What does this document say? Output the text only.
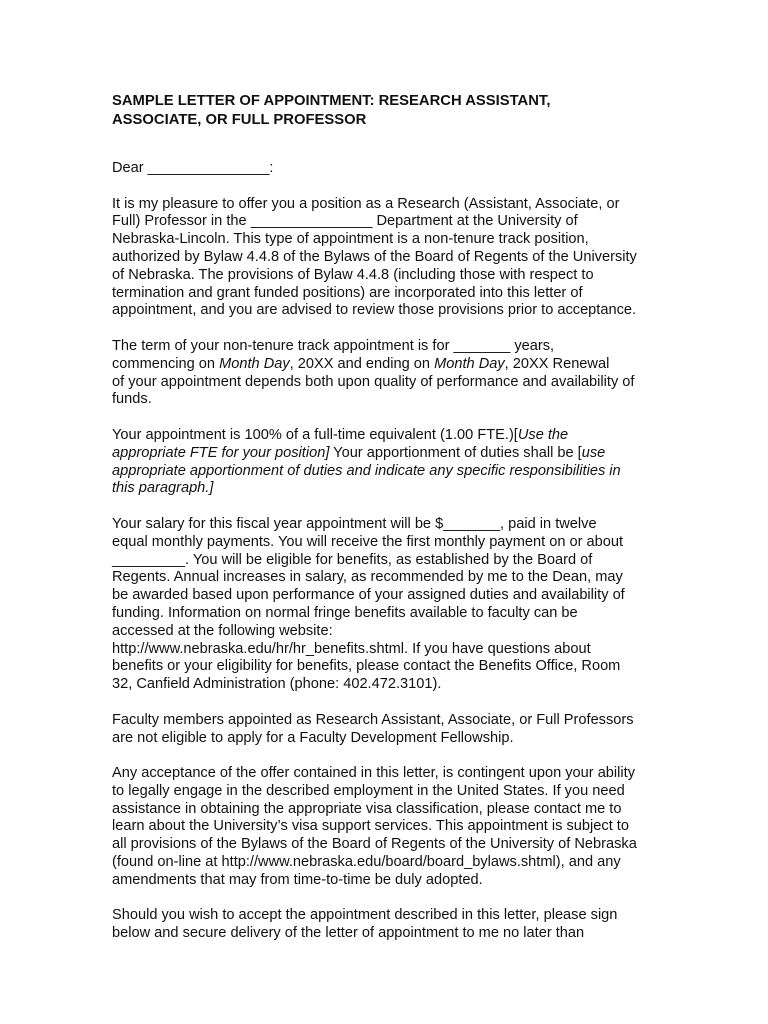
SAMPLE LETTER OF APPOINTMENT: RESEARCH ASSISTANT,
ASSOCIATE, OR FULL PROFESSOR

Dear _______________:

It is my pleasure to offer you a position as a Research (Assistant, Associate, or
Full) Professor in the _______________ Department at the University of
Nebraska-Lincoln. This type of appointment is a non-tenure track position,
authorized by Bylaw 4.4.8 of the Bylaws of the Board of Regents of the University
of Nebraska. The provisions of Bylaw 4.4.8 (including those with respect to
termination and grant funded positions) are incorporated into this letter of
appointment, and you are advised to review those provisions prior to acceptance.

The term of your non-tenure track appointment is for _______ years,
commencing on Month Day, 20XX and ending on Month Day, 20XX Renewal
of your appointment depends both upon quality of performance and availability of
funds.

Your appointment is 100% of a full-time equivalent (1.00 FTE.)[Use the
appropriate FTE for your position] Your apportionment of duties shall be [use
appropriate apportionment of duties and indicate any specific responsibilities in
this paragraph.]

Your salary for this fiscal year appointment will be $_______, paid in twelve
equal monthly payments. You will receive the first monthly payment on or about
_________. You will be eligible for benefits, as established by the Board of
Regents. Annual increases in salary, as recommended by me to the Dean, may
be awarded based upon performance of your assigned duties and availability of
funding. Information on normal fringe benefits available to faculty can be
accessed at the following website:
http://www.nebraska.edu/hr/hr_benefits.shtml. If you have questions about
benefits or your eligibility for benefits, please contact the Benefits Office, Room
32, Canfield Administration (phone: 402.472.3101).

Faculty members appointed as Research Assistant, Associate, or Full Professors
are not eligible to apply for a Faculty Development Fellowship.

Any acceptance of the offer contained in this letter, is contingent upon your ability
to legally engage in the described employment in the United States. If you need
assistance in obtaining the appropriate visa classification, please contact me to
learn about the University’s visa support services. This appointment is subject to
all provisions of the Bylaws of the Board of Regents of the University of Nebraska
(found on-line at http://www.nebraska.edu/board/board_bylaws.shtml), and any
amendments that may from time-to-time be duly adopted.

Should you wish to accept the appointment described in this letter, please sign
below and secure delivery of the letter of appointment to me no later than
